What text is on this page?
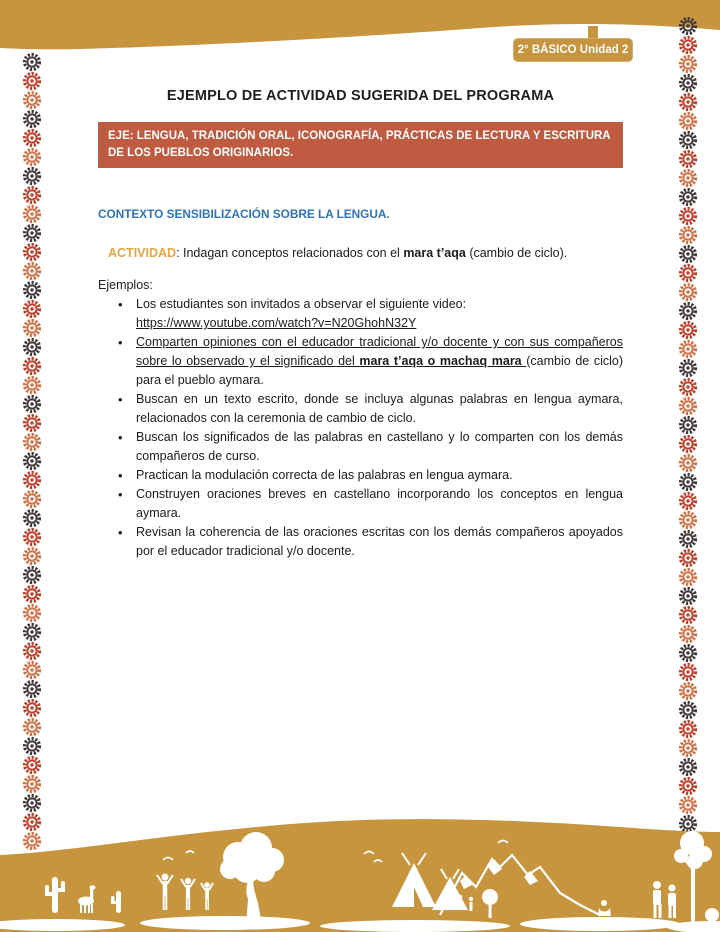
2° BÁSICO Unidad 2
EJEMPLO DE ACTIVIDAD SUGERIDA DEL PROGRAMA
EJE: LENGUA, TRADICIÓN ORAL, ICONOGRAFÍA, PRÁCTICAS DE LECTURA Y ESCRITURA DE LOS PUEBLOS ORIGINARIOS.
CONTEXTO SENSIBILIZACIÓN SOBRE LA LENGUA.

ACTIVIDAD: Indagan conceptos relacionados con el mara t’aqa (cambio de ciclo).

Ejemplos:

• Los estudiantes son invitados a observar el siguiente video:
https://www.youtube.com/watch?v=N20GhohN32Y
• Comparten opiniones con el educador tradicional y/o docente y con sus compañeros sobre lo observado y el significado del mara t’aqa o machaq mara (cambio de ciclo) para el pueblo aymara.
• Buscan en un texto escrito, donde se incluya algunas palabras en lengua aymara, relacionados con la ceremonia de cambio de ciclo.
• Buscan los significados de las palabras en castellano y lo comparten con los demás compañeros de curso.
• Practican la modulación correcta de las palabras en lengua aymara.
• Construyen oraciones breves en castellano incorporando los conceptos en lengua aymara.
• Revisan la coherencia de las oraciones escritas con los demás compañeros apoyados por el educador tradicional y/o docente.
